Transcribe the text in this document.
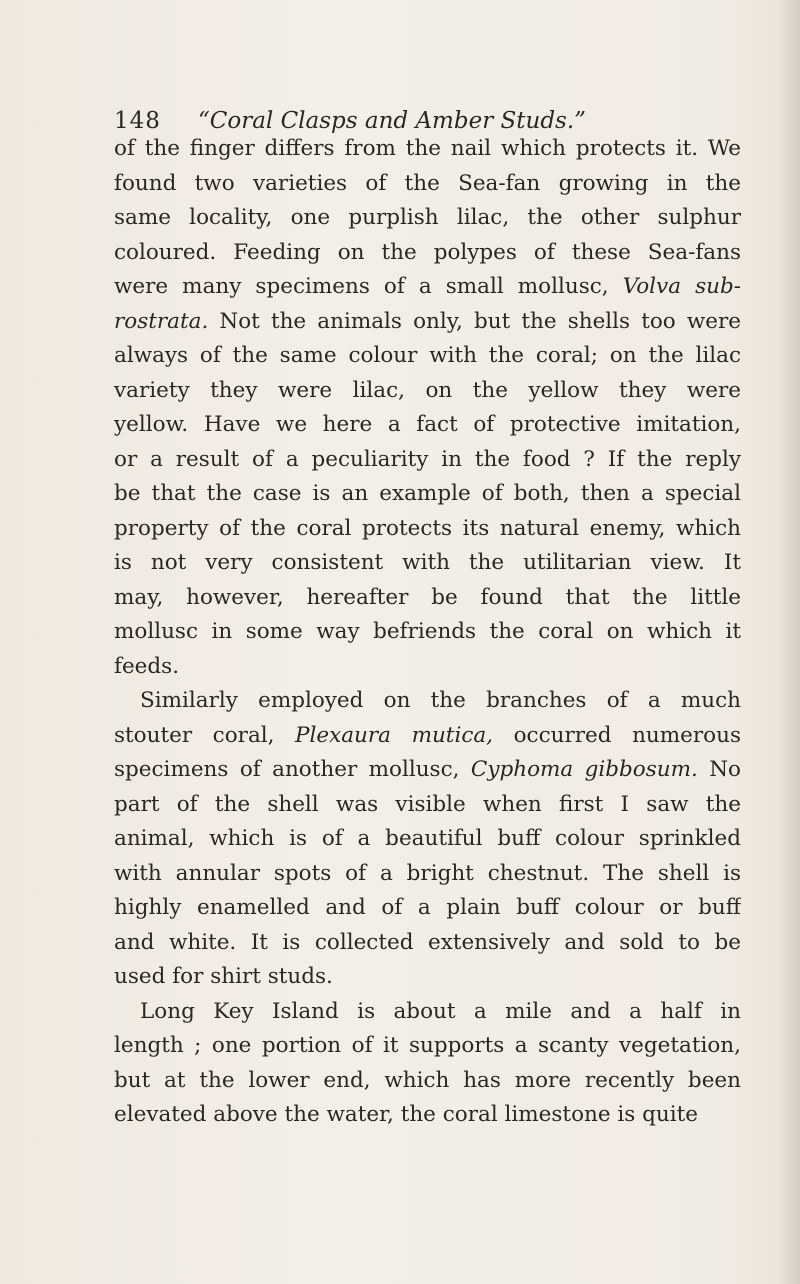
148 “Coral Clasps and Amber Studs.”
of the finger differs from the nail which protects it. We
found two varieties of the Sea-fan growing in the
same locality, one purplish lilac, the other sulphur
coloured. Feeding on the polypes of these Sea-fans
were many specimens of a small mollusc, Volva sub-
rostrata. Not the animals only, but the shells too were
always of the same colour with the coral; on the lilac
variety they were lilac, on the yellow they were
yellow. Have we here a fact of protective imitation,
or a result of a peculiarity in the food ? If the reply
be that the case is an example of both, then a special
property of the coral protects its natural enemy, which
is not very consistent with the utilitarian view. It
may, however, hereafter be found that the little
mollusc in some way befriends the coral on which it
feeds.
Similarly employed on the branches of a much
stouter coral, Plexaura mutica, occurred numerous
specimens of another mollusc, Cyphoma gibbosum. No
part of the shell was visible when first I saw the
animal, which is of a beautiful buff colour sprinkled
with annular spots of a bright chestnut. The shell is
highly enamelled and of a plain buff colour or buff
and white. It is collected extensively and sold to be
used for shirt studs.
Long Key Island is about a mile and a half in
length ; one portion of it supports a scanty vegetation,
but at the lower end, which has more recently been
elevated above the water, the coral limestone is quite
